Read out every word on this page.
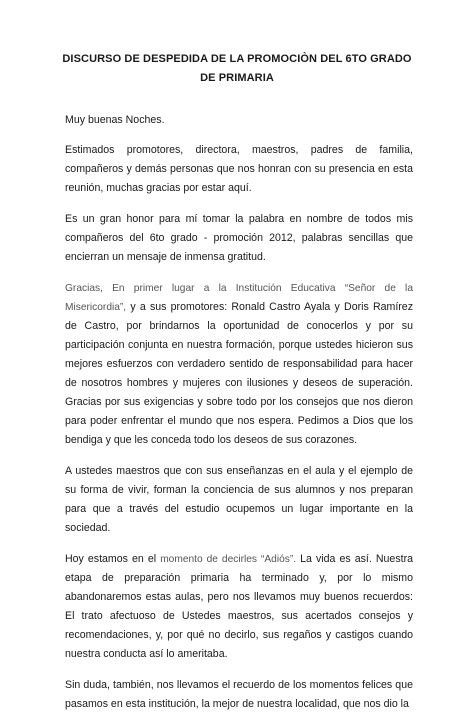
DISCURSO DE DESPEDIDA DE LA PROMOCIÒN DEL 6TO GRADO DE PRIMARIA

Muy buenas Noches.

Estimados promotores, directora, maestros, padres de familia, compañeros y demás personas que nos honran con su presencia en esta reunión, muchas gracias por estar aquí.

Es un gran honor para mí tomar la palabra en nombre de todos mis compañeros del 6to grado - promoción 2012, palabras sencillas que encierran un mensaje de inmensa gratitud.

Gracias, En primer lugar a la Institución Educativa “Señor de la Misericordia”, y a sus promotores: Ronald Castro Ayala y Doris Ramírez de Castro, por brindarnos la oportunidad de conocerlos y por su participación conjunta en nuestra formación, porque ustedes hicieron sus mejores esfuerzos con verdadero sentido de responsabilidad para hacer de nosotros hombres y mujeres con ilusiones y deseos de superación. Gracias por sus exigencias y sobre todo por los consejos que nos dieron para poder enfrentar el mundo que nos espera. Pedimos a Dios que los bendiga y que les conceda todo los deseos de sus corazones.

A ustedes maestros que con sus enseñanzas en el aula y el ejemplo de su forma de vivir, forman la conciencia de sus alumnos y nos preparan para que a través del estudio ocupemos un lugar importante en la sociedad.

Hoy estamos en el momento de decirles “Adiós”. La vida es así. Nuestra etapa de preparación primaria ha terminado y, por lo mismo abandonaremos estas aulas, pero nos llevamos muy buenos recuerdos: El trato afectuoso de Ustedes maestros, sus acertados consejos y recomendaciones, y, por qué no decirlo, sus regaños y castigos cuando nuestra conducta así lo ameritaba.

Sin duda, también, nos llevamos el recuerdo de los momentos felices que pasamos en esta institución, la mejor de nuestra localidad, que nos dio la
